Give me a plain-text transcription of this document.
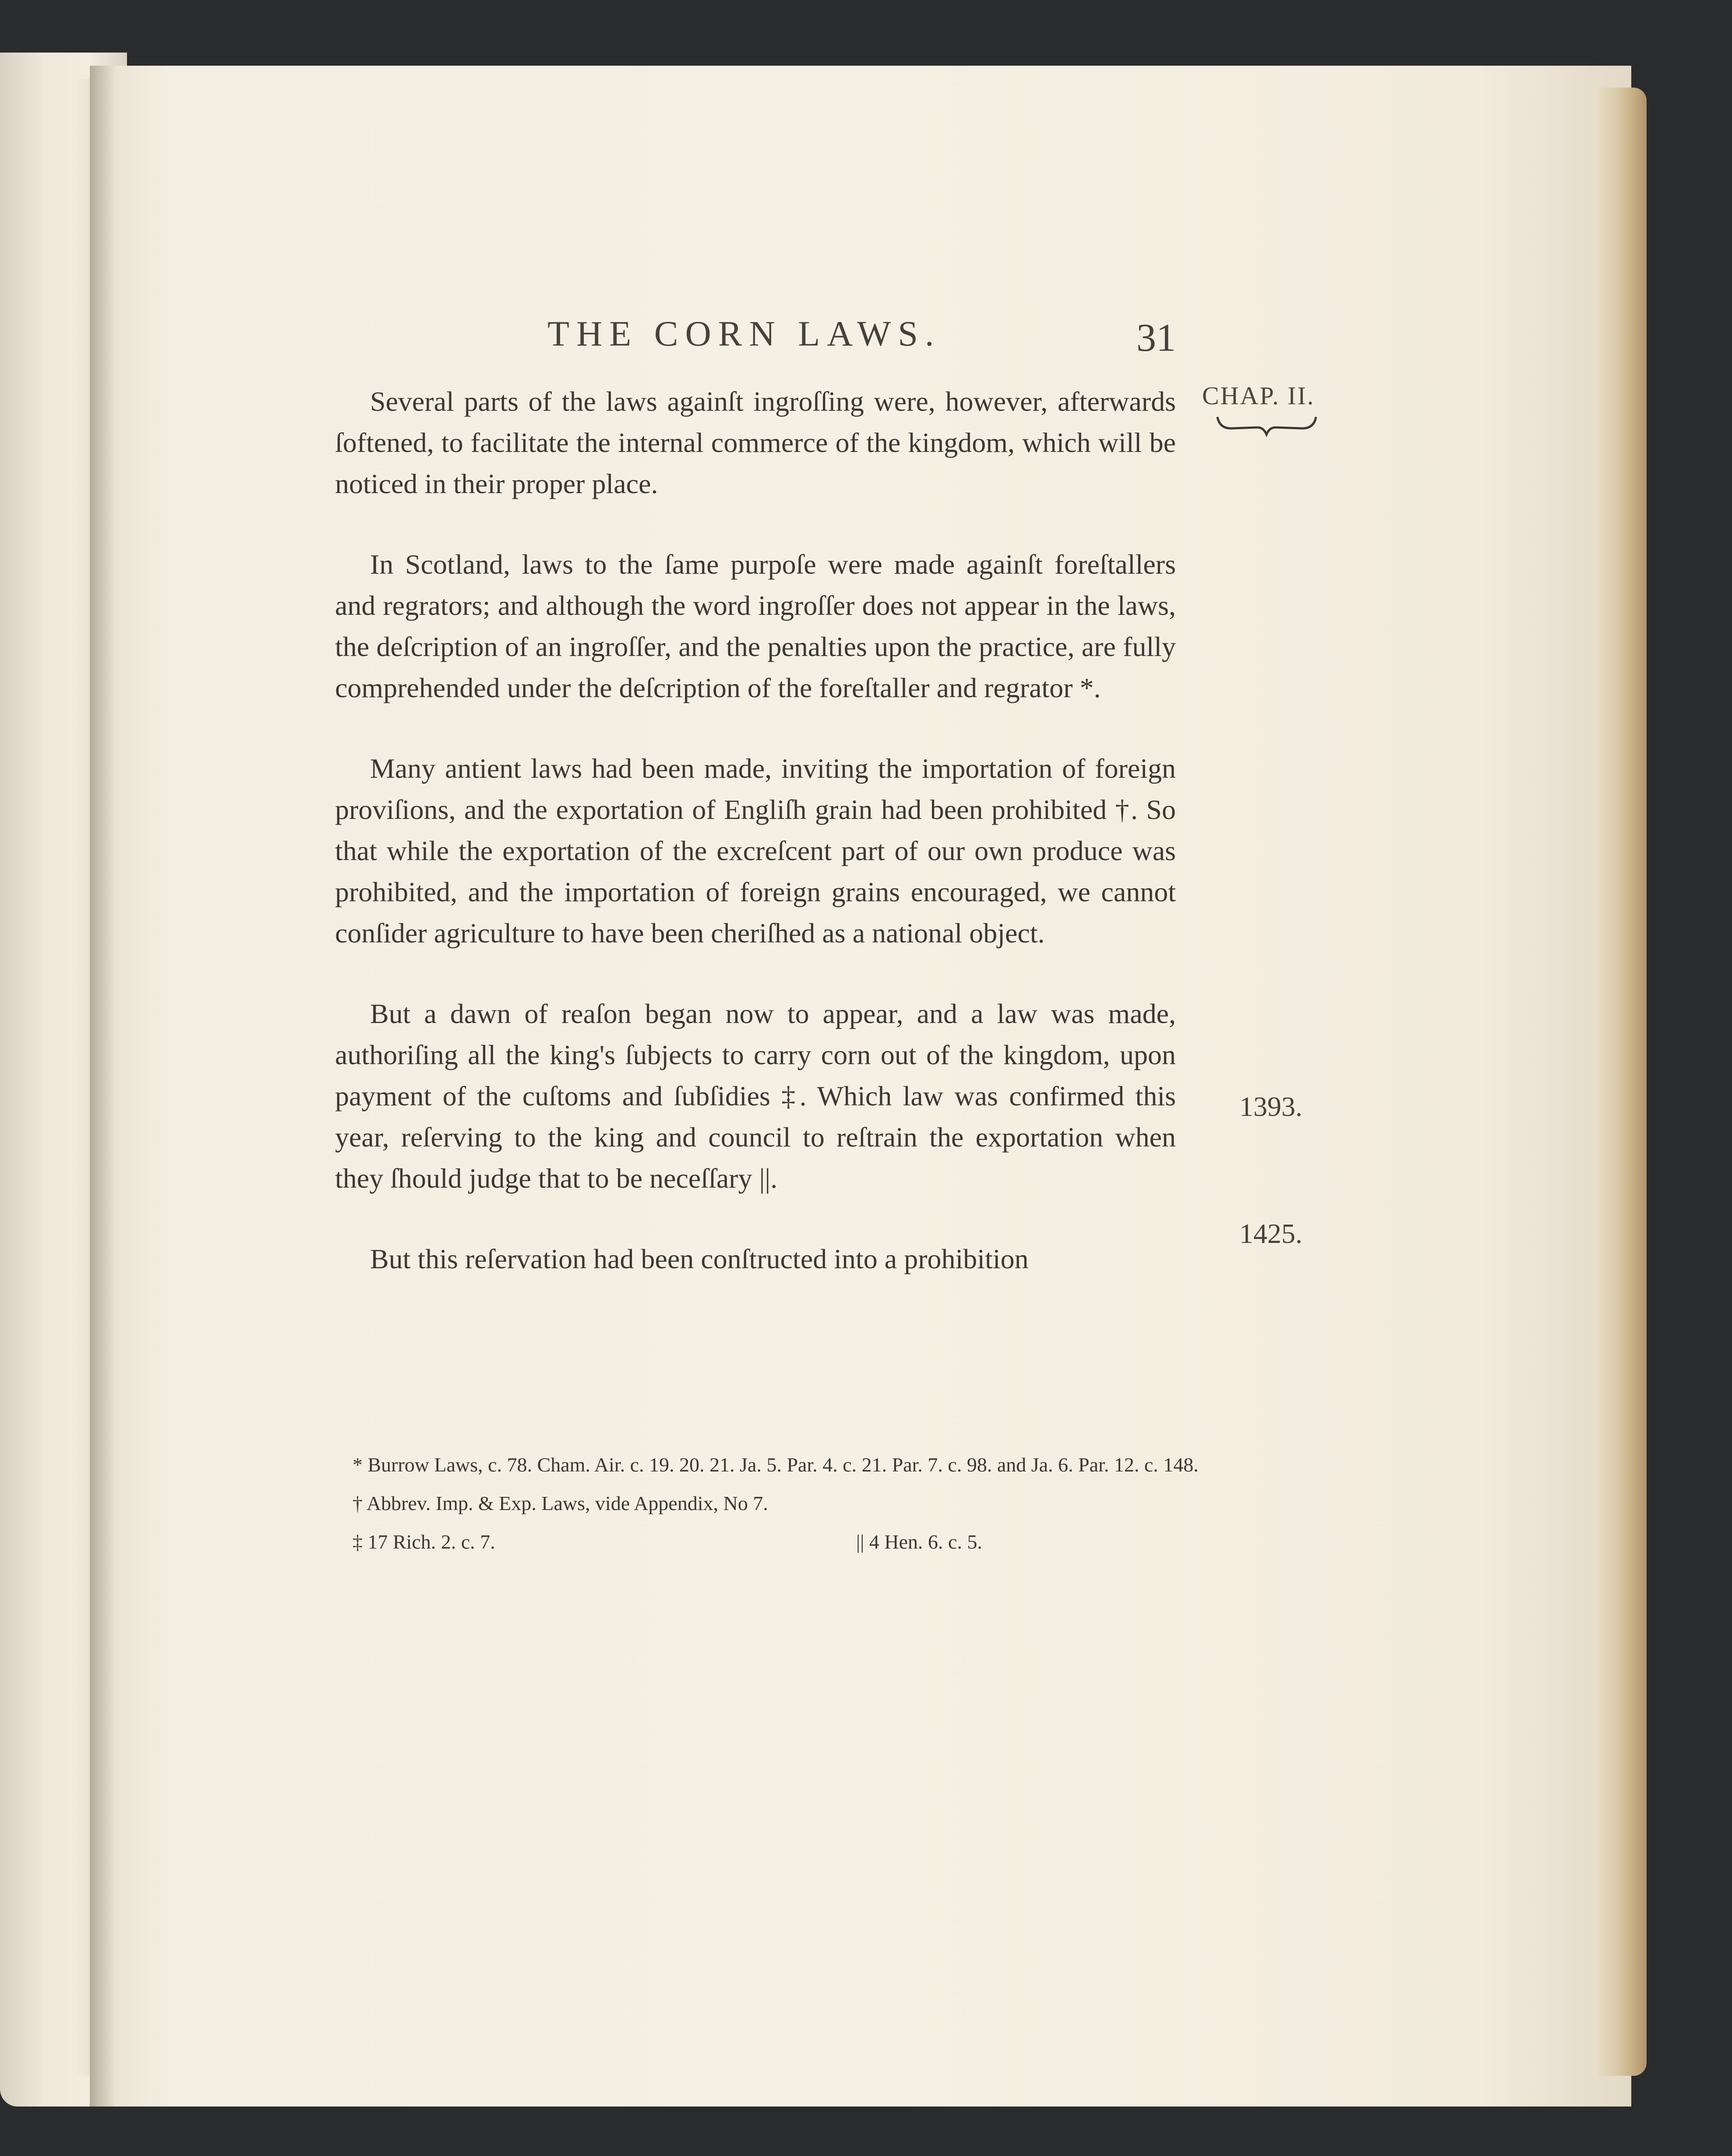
THE CORN LAWS.	31
CHAP. II.
1393.
1425.

Several parts of the laws againſt ingroſſing were, however, afterwards ſoftened, to facilitate the internal commerce of the kingdom, which will be noticed in their proper place.

In Scotland, laws to the ſame purpoſe were made againſt foreſtallers and regrators; and although the word ingroſſer does not appear in the laws, the deſcription of an ingroſſer, and the penalties upon the practice, are fully comprehended under the deſcription of the foreſtaller and regrator *.

Many antient laws had been made, inviting the importation of foreign proviſions, and the exportation of Engliſh grain had been prohibited †. So that while the exportation of the excreſcent part of our own produce was prohibited, and the importation of foreign grains encouraged, we cannot conſider agriculture to have been cheriſhed as a national object.

But a dawn of reaſon began now to appear, and a law was made, authoriſing all the king's ſubjects to carry corn out of the kingdom, upon payment of the cuſtoms and ſubſidies ‡. Which law was confirmed this year, reſerving to the king and council to reſtrain the exportation when they ſhould judge that to be neceſſary ||.

But this reſervation had been conſtructed into a prohibition

* Burrow Laws, c. 78. Cham. Air. c. 19. 20. 21. Ja. 5. Par. 4. c. 21. Par. 7. c. 98. and Ja. 6. Par. 12. c. 148.
† Abbrev. Imp. & Exp. Laws, vide Appendix, No 7.
‡ 17 Rich. 2. c. 7.	|| 4 Hen. 6. c. 5.
